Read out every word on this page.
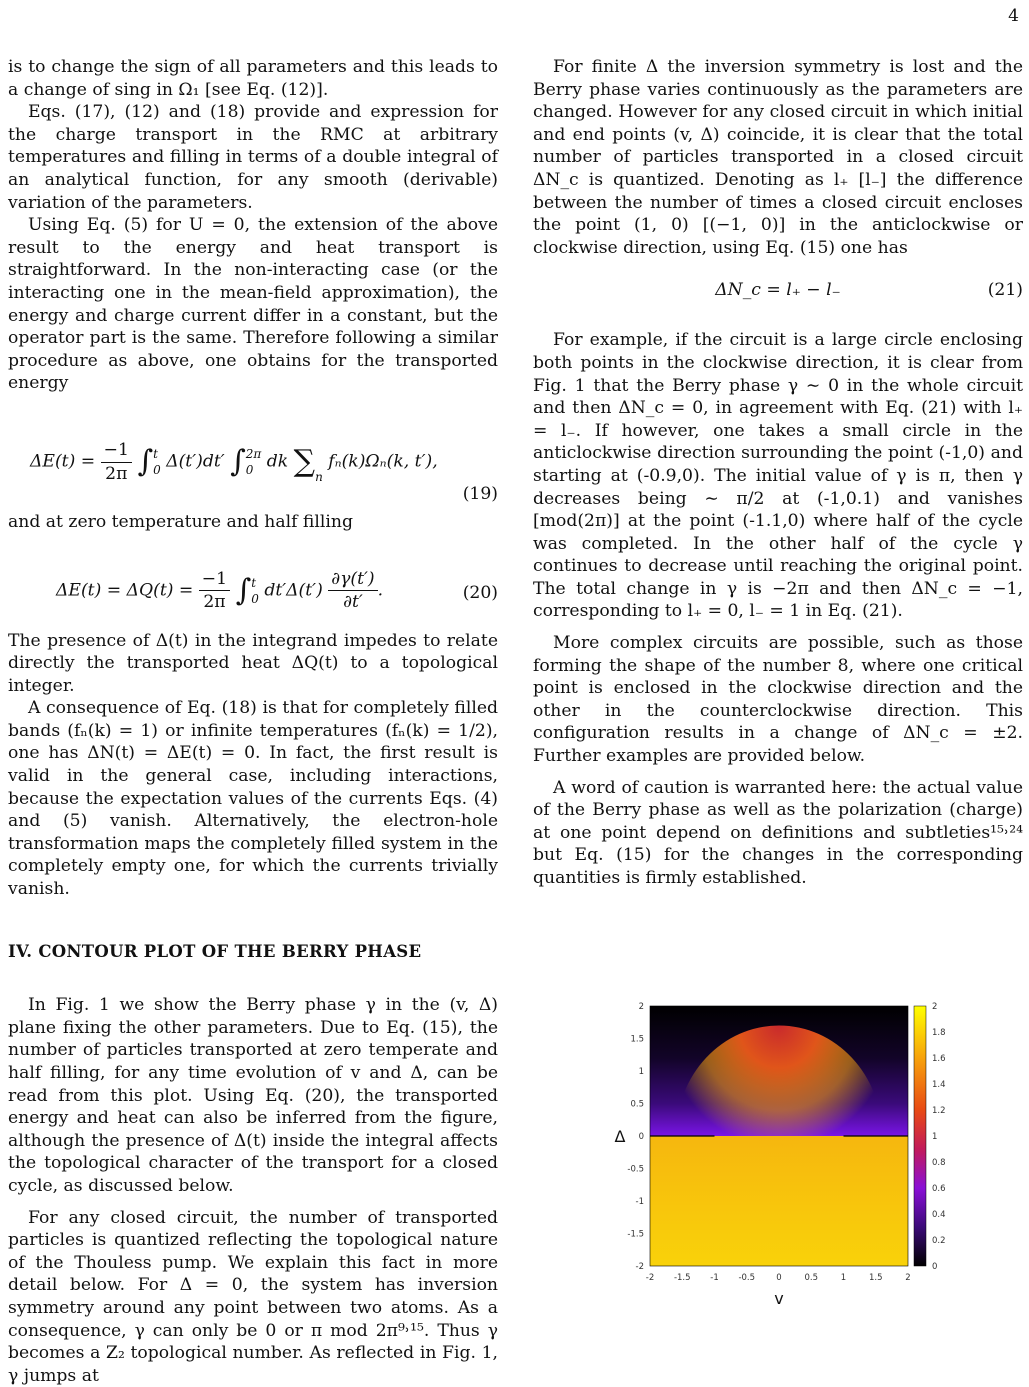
4

is to change the sign of all parameters and this leads to a change of sing in Ω₁ [see Eq. (12)].

Eqs. (17), (12) and (18) provide and expression for the charge transport in the RMC at arbitrary temperatures and filling in terms of a double integral of an analytical function, for any smooth (derivable) variation of the parameters.

Using Eq. (5) for U = 0, the extension of the above result to the energy and heat transport is straightforward. In the non-interacting case (or the interacting one in the mean-field approximation), the energy and charge current differ in a constant, but the operator part is the same. Therefore following a similar procedure as above, one obtains for the transported energy

$\Delta E(t) = \frac{-1}{2\pi} \int t$
0 Δ(t′)dt′ ∫2π
0 dk ∑n fₙ(k)Ωₙ(k, t′),
(19)

and at zero temperature and half filling

$\Delta E(t) = \Delta Q(t) = \frac{-1}{2\pi} \int t$
0 $dt'\Delta(t') \frac{\partial\gamma(t')}{\partial t'}$ .	(20)

The presence of Δ(t) in the integrand impedes to relate directly the transported heat ΔQ(t) to a topological integer.

A consequence of Eq. (18) is that for completely filled bands (fₙ(k) = 1) or infinite temperatures (fₙ(k) = 1/2), one has ΔN(t) = ΔE(t) = 0. In fact, the first result is valid in the general case, including interactions, because the expectation values of the currents Eqs. (4) and (5) vanish. Alternatively, the electron-hole transformation maps the completely filled system in the completely empty one, for which the currents trivially vanish.

IV. CONTOUR PLOT OF THE BERRY PHASE

In Fig. 1 we show the Berry phase γ in the (v, Δ) plane fixing the other parameters. Due to Eq. (15), the number of particles transported at zero temperate and half filling, for any time evolution of v and Δ, can be read from this plot. Using Eq. (20), the transported energy and heat can also be inferred from the figure, although the presence of Δ(t) inside the integral affects the topological character of the transport for a closed cycle, as discussed below.

For any closed circuit, the number of transported particles is quantized reflecting the topological nature of the Thouless pump. We explain this fact in more detail below. For Δ = 0, the system has inversion symmetry around any point between two atoms. As a consequence, γ can only be 0 or π mod 2π⁹˒¹⁵. Thus γ becomes a Z₂ topological number. As reflected in Fig. 1, γ jumps at

For finite Δ the inversion symmetry is lost and the Berry phase varies continuously as the parameters are changed. However for any closed circuit in which initial and end points (v, Δ) coincide, it is clear that the total number of particles transported in a closed circuit ΔN_c is quantized. Denoting as l₊ [l₋] the difference between the number of times a closed circuit encloses the point (1, 0) [(−1, 0)] in the anticlockwise or clockwise direction, using Eq. (15) one has

ΔN_c = l₊ − l₋	(21)

For example, if the circuit is a large circle enclosing both points in the clockwise direction, it is clear from Fig. 1 that the Berry phase γ ∼ 0 in the whole circuit and then ΔN_c = 0, in agreement with Eq. (21) with l₊ = l₋. If however, one takes a small circle in the anticlockwise direction surrounding the point (-1,0) and starting at (-0.9,0). The initial value of γ is π, then γ decreases being ∼ π/2 at (-1,0.1) and vanishes [mod(2π)] at the point (-1.1,0) where half of the cycle was completed. In the other half of the cycle γ continues to decrease until reaching the original point. The total change in γ is −2π and then ΔN_c = −1, corresponding to l₊ = 0, l₋ = 1 in Eq. (21).

More complex circuits are possible, such as those forming the shape of the number 8, where one critical point is enclosed in the clockwise direction and the other in the counterclockwise direction. This configuration results in a change of ΔN_c = ±2. Further examples are provided below.

A word of caution is warranted here: the actual value of the Berry phase as well as the polarization (charge) at one point depend on definitions and subtleties¹⁵˒²⁴ but Eq. (15) for the changes in the corresponding quantities is firmly established.

-2 -1.5 -1 -0.5 0	0.5	1	1.5	2
2
1.5
1
0.5
0
-0.5
-1
-1.5
-2
v
Δ
2
1.8
1.6
1.4
1.2
1
0.8
0.6
0.4
0.2
0
